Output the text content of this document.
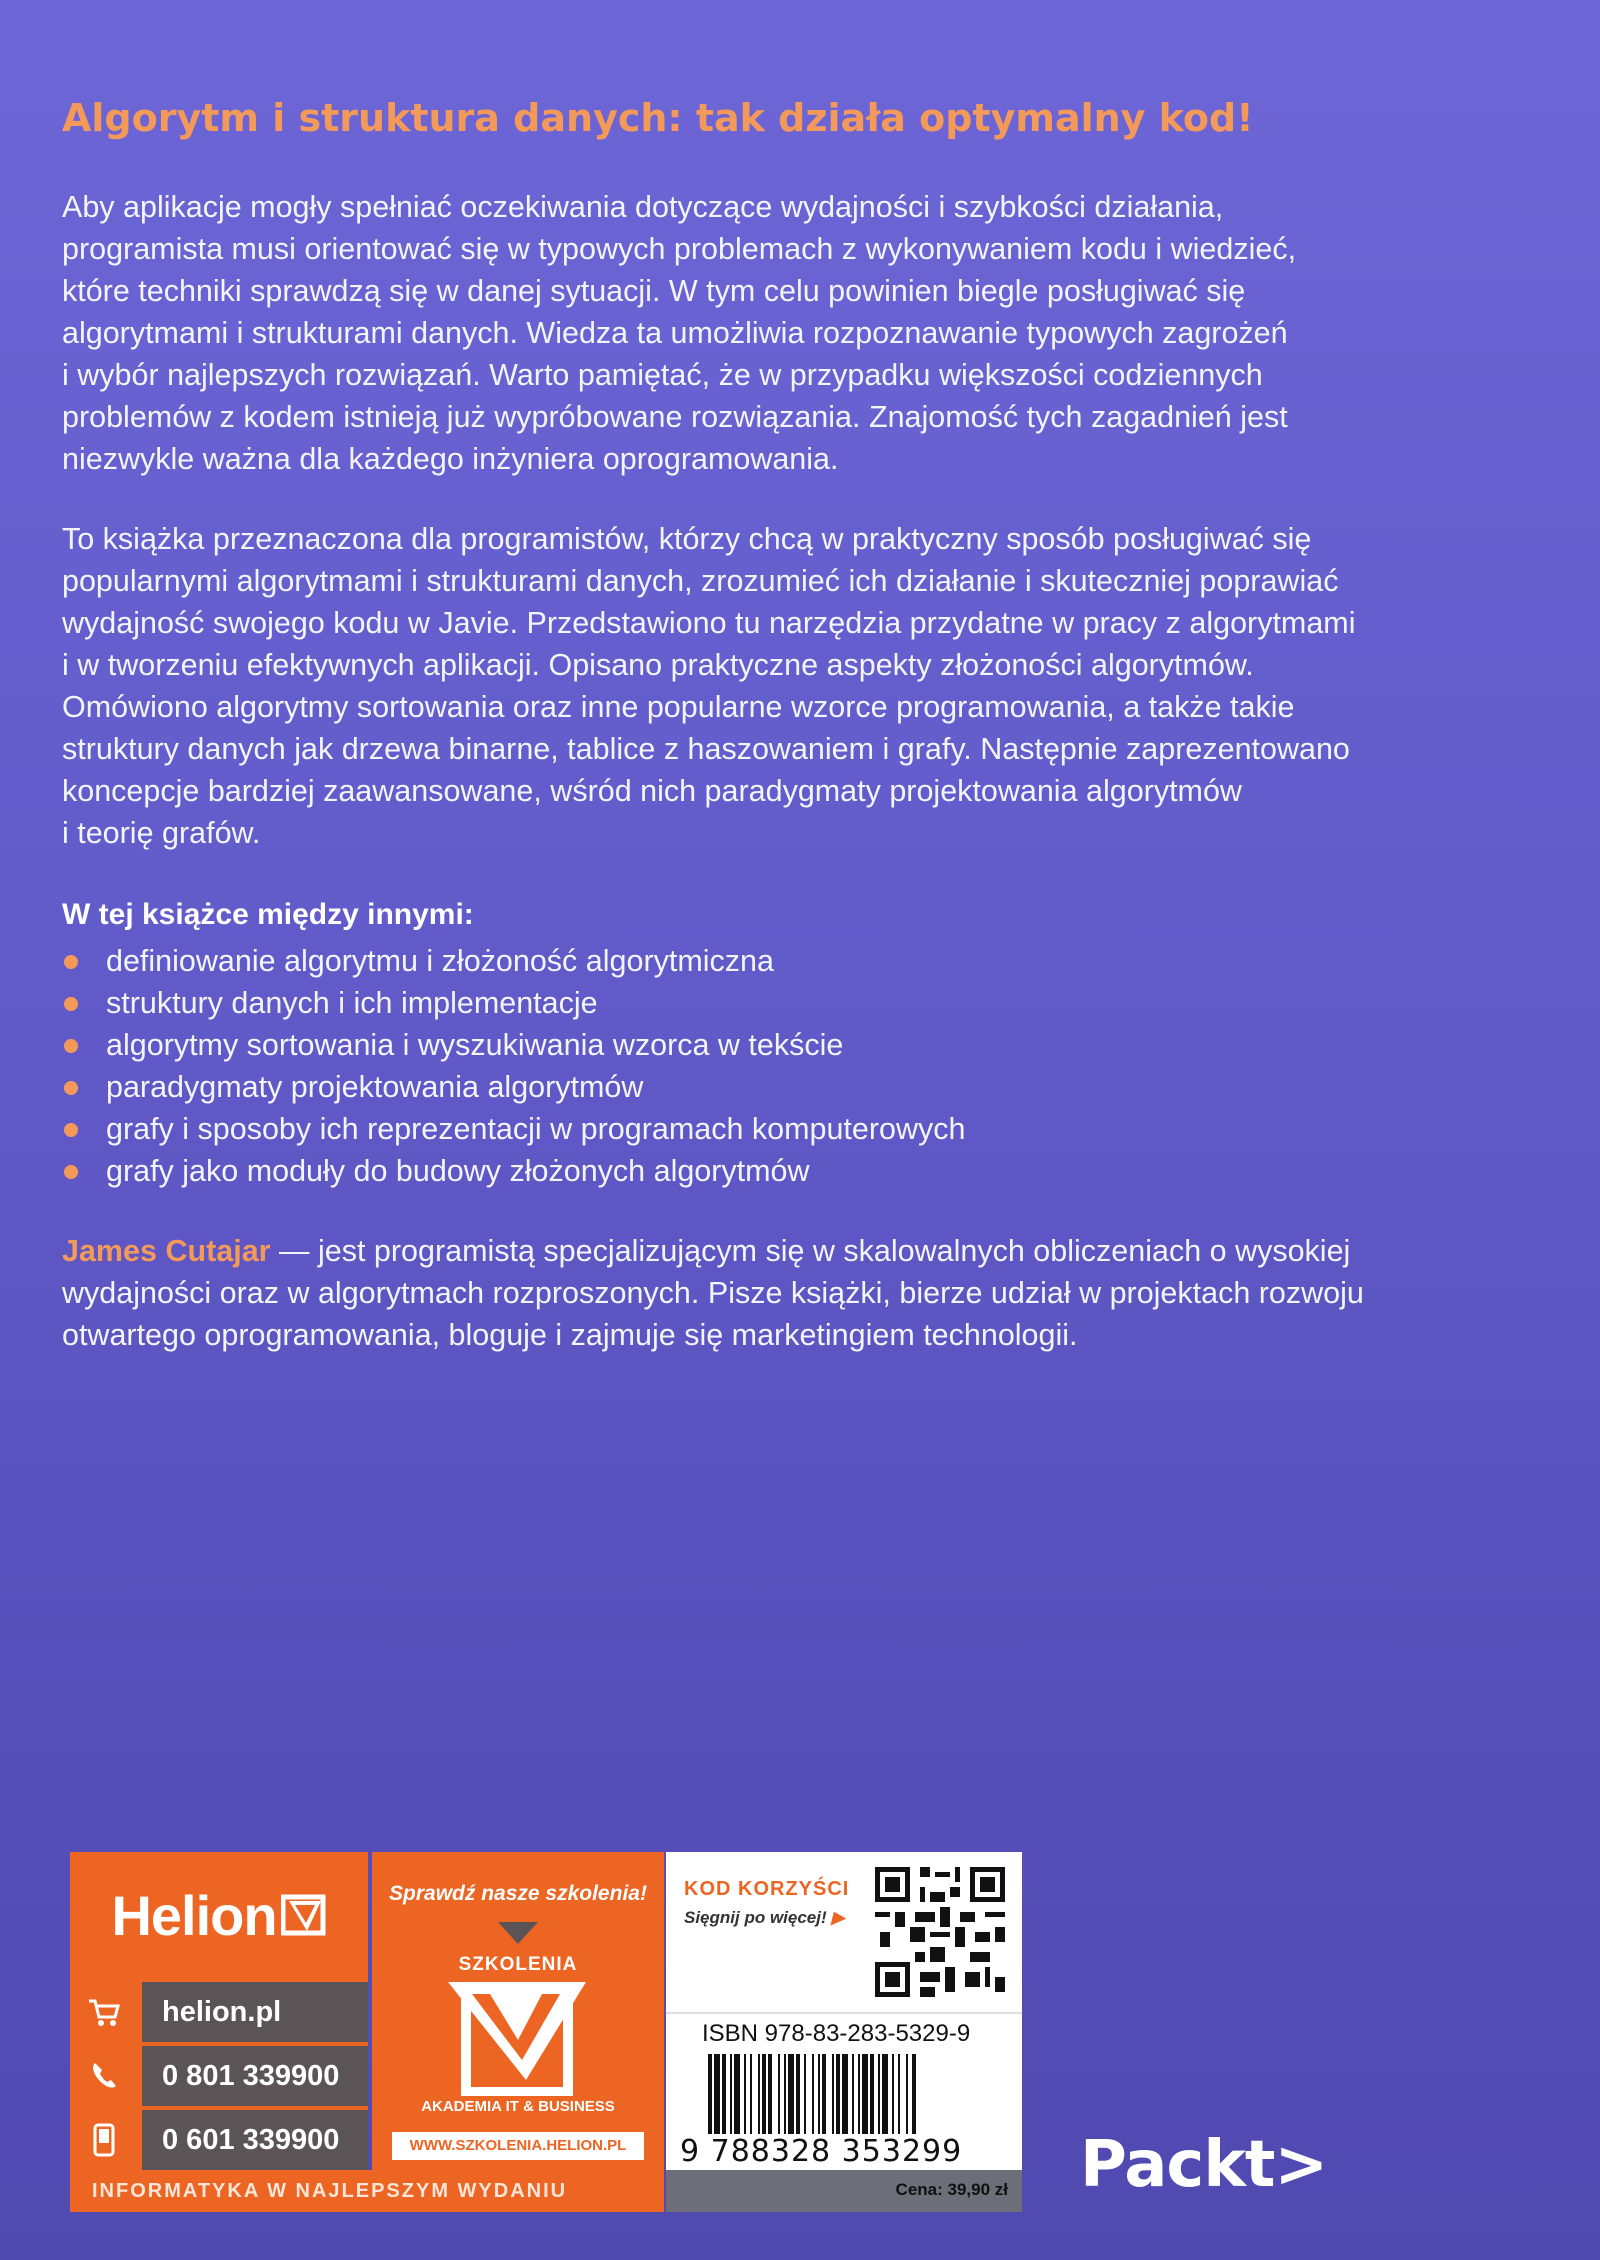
Algorytm i struktura danych: tak działa optymalny kod!

Aby aplikacje mogły spełniać oczekiwania dotyczące wydajności i szybkości działania,
programista musi orientować się w typowych problemach z wykonywaniem kodu i wiedzieć,
które techniki sprawdzą się w danej sytuacji. W tym celu powinien biegle posługiwać się
algorytmami i strukturami danych. Wiedza ta umożliwia rozpoznawanie typowych zagrożeń
i wybór najlepszych rozwiązań. Warto pamiętać, że w przypadku większości codziennych
problemów z kodem istnieją już wypróbowane rozwiązania. Znajomość tych zagadnień jest
niezwykle ważna dla każdego inżyniera oprogramowania.

To książka przeznaczona dla programistów, którzy chcą w praktyczny sposób posługiwać się
popularnymi algorytmami i strukturami danych, zrozumieć ich działanie i skuteczniej poprawiać
wydajność swojego kodu w Javie. Przedstawiono tu narzędzia przydatne w pracy z algorytmami
i w tworzeniu efektywnych aplikacji. Opisano praktyczne aspekty złożoności algorytmów.
Omówiono algorytmy sortowania oraz inne popularne wzorce programowania, a także takie
struktury danych jak drzewa binarne, tablice z haszowaniem i grafy. Następnie zaprezentowano
koncepcje bardziej zaawansowane, wśród nich paradygmaty projektowania algorytmów
i teorię grafów.

W tej książce między innymi:
definiowanie algorytmu i złożoność algorytmiczna
struktury danych i ich implementacje
algorytmy sortowania i wyszukiwania wzorca w tekście
paradygmaty projektowania algorytmów
grafy i sposoby ich reprezentacji w programach komputerowych
grafy jako moduły do budowy złożonych algorytmów

James Cutajar — jest programistą specjalizującym się w skalowalnych obliczeniach o wysokiej
wydajności oraz w algorytmach rozproszonych. Pisze książki, bierze udział w projektach rozwoju
otwartego oprogramowania, bloguje i zajmuje się marketingiem technologii.

Helion
helion.pl
0 801 339900
0 601 339900
Sprawdź nasze szkolenia!
SZKOLENIA
AKADEMIA IT & BUSINESS
WWW.SZKOLENIA.HELION.PL
INFORMATYKA W NAJLEPSZYM WYDANIU
KOD KORZYŚCI
Sięgnij po więcej! ▶
ISBN 978-83-283-5329-9
9 788328 353299
Cena: 39,90 zł Packt>
